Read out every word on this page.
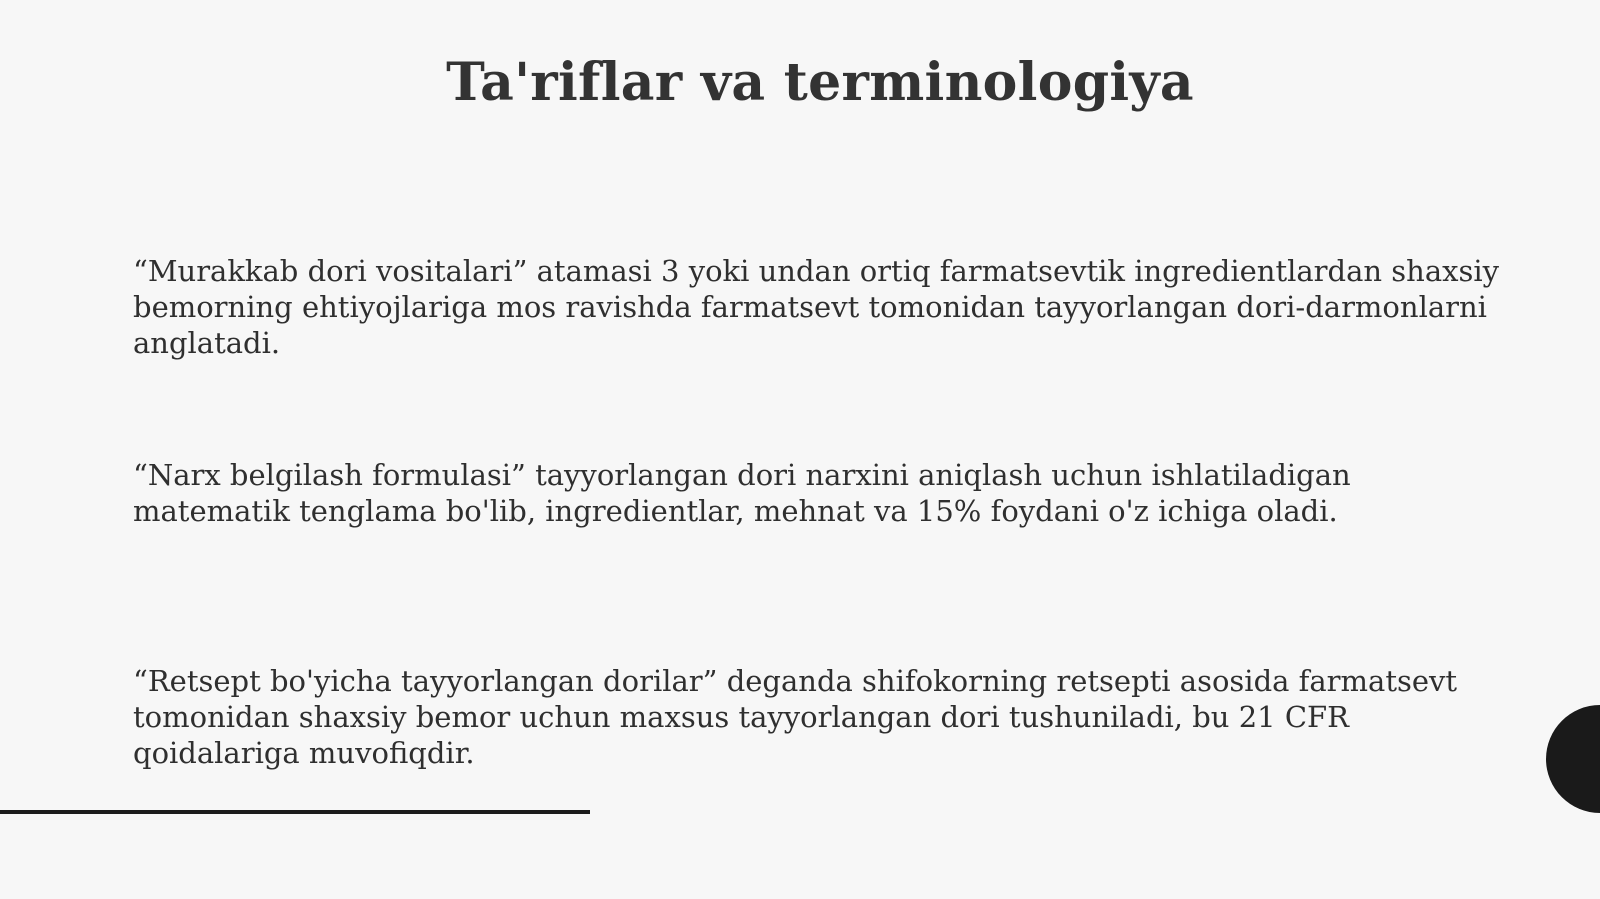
Ta'riflar va terminologiya

“Murakkab dori vositalari” atamasi 3 yoki undan ortiq farmatsevtik ingredientlardan shaxsiy bemorning ehtiyojlariga mos ravishda farmatsevt tomonidan tayyorlangan dori-darmonlarni anglatadi.

“Narx belgilash formulasi” tayyorlangan dori narxini aniqlash uchun ishlatiladigan matematik tenglama bo'lib, ingredientlar, mehnat va 15% foydani o'z ichiga oladi.

“Retsept bo'yicha tayyorlangan dorilar” deganda shifokorning retsepti asosida farmatsevt tomonidan shaxsiy bemor uchun maxsus tayyorlangan dori tushuniladi, bu 21 CFR qoidalariga muvofiqdir.
